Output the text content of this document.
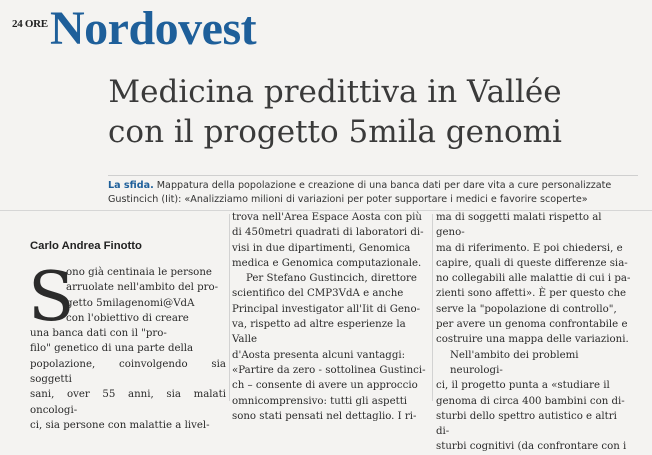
24 ORE Nordovest
Medicina predittiva in Vallée
con il progetto 5mila genomi
La sfida. Mappatura della popolazione e creazione di una banca dati per dare vita a cure personalizzate
Gustincich (Iit): «Analizziamo milioni di variazioni per poter supportare i medici e favorire scoperte»
Carlo Andrea Finotto
S
ono già centinaia le persone
arruolate nell'ambito del pro-
getto 5milagenomi@VdA
con l'obiettivo di creare
una banca dati con il "pro-
filo" genetico di una parte della
popolazione, coinvolgendo sia soggetti
sani, over 55 anni, sia malati oncologi-
ci, sia persone con malattie a livel-
trova nell'Area Espace Aosta con più
di 450metri quadrati di laboratori di-
visi in due dipartimenti, Genomica
medica e Genomica computazionale.
Per Stefano Gustincich, direttore
scientifico del CMP3VdA e anche
Principal investigator all'Iit di Geno-
va, rispetto ad altre esperienze la Valle
d'Aosta presenta alcuni vantaggi:
«Partire da zero - sottolinea Gustinci-
ch – consente di avere un approccio
omnicomprensivo: tutti gli aspetti
sono stati pensati nel dettaglio. I ri-
ma di soggetti malati rispetto al geno-
ma di riferimento. E poi chiedersi, e
capire, quali di queste differenze sia-
no collegabili alle malattie di cui i pa-
zienti sono affetti». È per questo che
serve la "popolazione di controllo",
per avere un genoma confrontabile e
costruire una mappa delle variazioni.
Nell'ambito dei problemi neurologi-
ci, il progetto punta a «studiare il
genoma di circa 400 bambini con di-
sturbi dello spettro autistico e altri di-
sturbi cognitivi (da confrontare con i
